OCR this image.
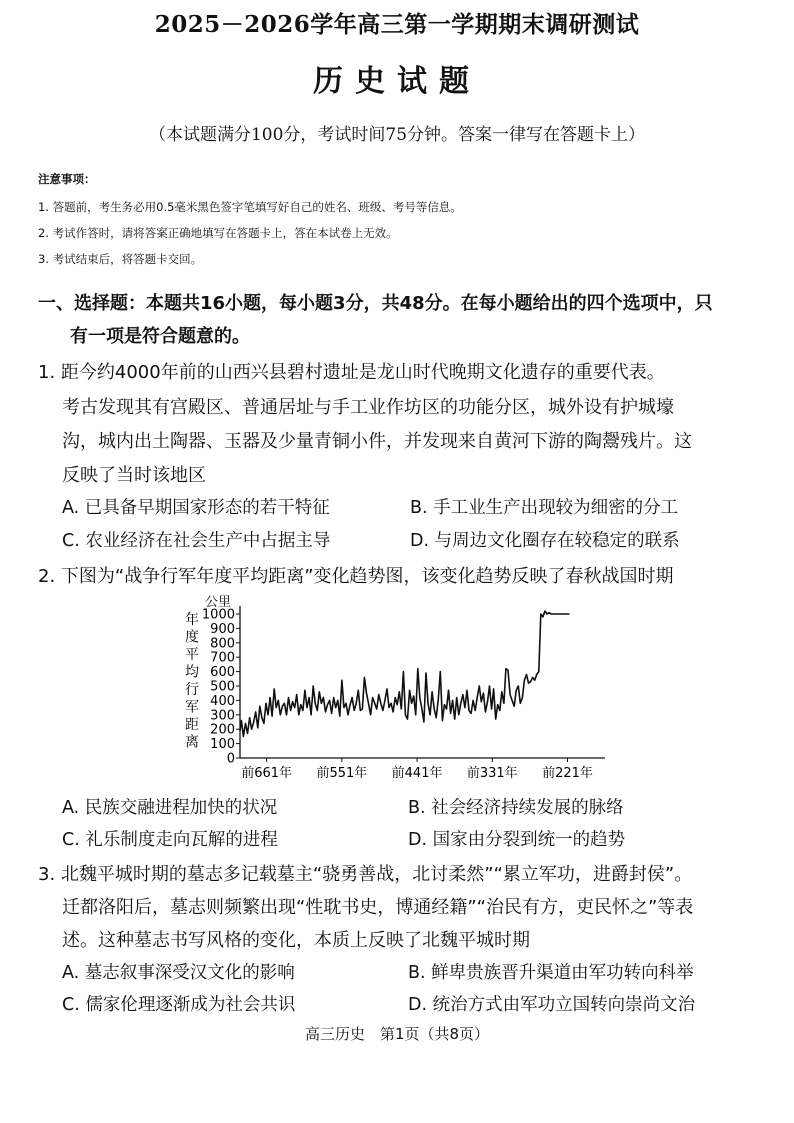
2025－2026学年高三第一学期期末调研测试
历史试题
（本试题满分100分，考试时间75分钟。答案一律写在答题卡上）
注意事项：
1. 答题前，考生务必用0.5毫米黑色签字笔填写好自己的姓名、班级、考号等信息。
2. 考试作答时，请将答案正确地填写在答题卡上，答在本试卷上无效。
3. 考试结束后，将答题卡交回。
一、选择题：本题共16小题，每小题3分，共48分。在每小题给出的四个选项中，只
有一项是符合题意的。
1. 距今约4000年前的山西兴县碧村遗址是龙山时代晚期文化遗存的重要代表。
考古发现其有宫殿区、普通居址与手工业作坊区的功能分区，城外设有护城壕
沟，城内出土陶器、玉器及少量青铜小件，并发现来自黄河下游的陶鬶残片。这
反映了当时该地区
A. 已具备早期国家形态的若干特征	B. 手工业生产出现较为细密的分工
C. 农业经济在社会生产中占据主导	D. 与周边文化圈存在较稳定的联系
2. 下图为“战争行军年度平均距离”变化趋势图，该变化趋势反映了春秋战国时期
0
100
200
300
400
500
600
700
800
900
1000
前661年 前551年 前441年 前331年 前221年
年
度
平
均
行
军
距
离
公里
A. 民族交融进程加快的状况	B. 社会经济持续发展的脉络
C. 礼乐制度走向瓦解的进程	D. 国家由分裂到统一的趋势
3. 北魏平城时期的墓志多记载墓主“骁勇善战，北讨柔然”“累立军功，进爵封侯”。
迁都洛阳后，墓志则频繁出现“性耽书史，博通经籍”“治民有方，吏民怀之”等表
述。这种墓志书写风格的变化，本质上反映了北魏平城时期
A. 墓志叙事深受汉文化的影响	B. 鲜卑贵族晋升渠道由军功转向科举
C. 儒家伦理逐渐成为社会共识	D. 统治方式由军功立国转向崇尚文治
高三历史　第1页（共8页）
